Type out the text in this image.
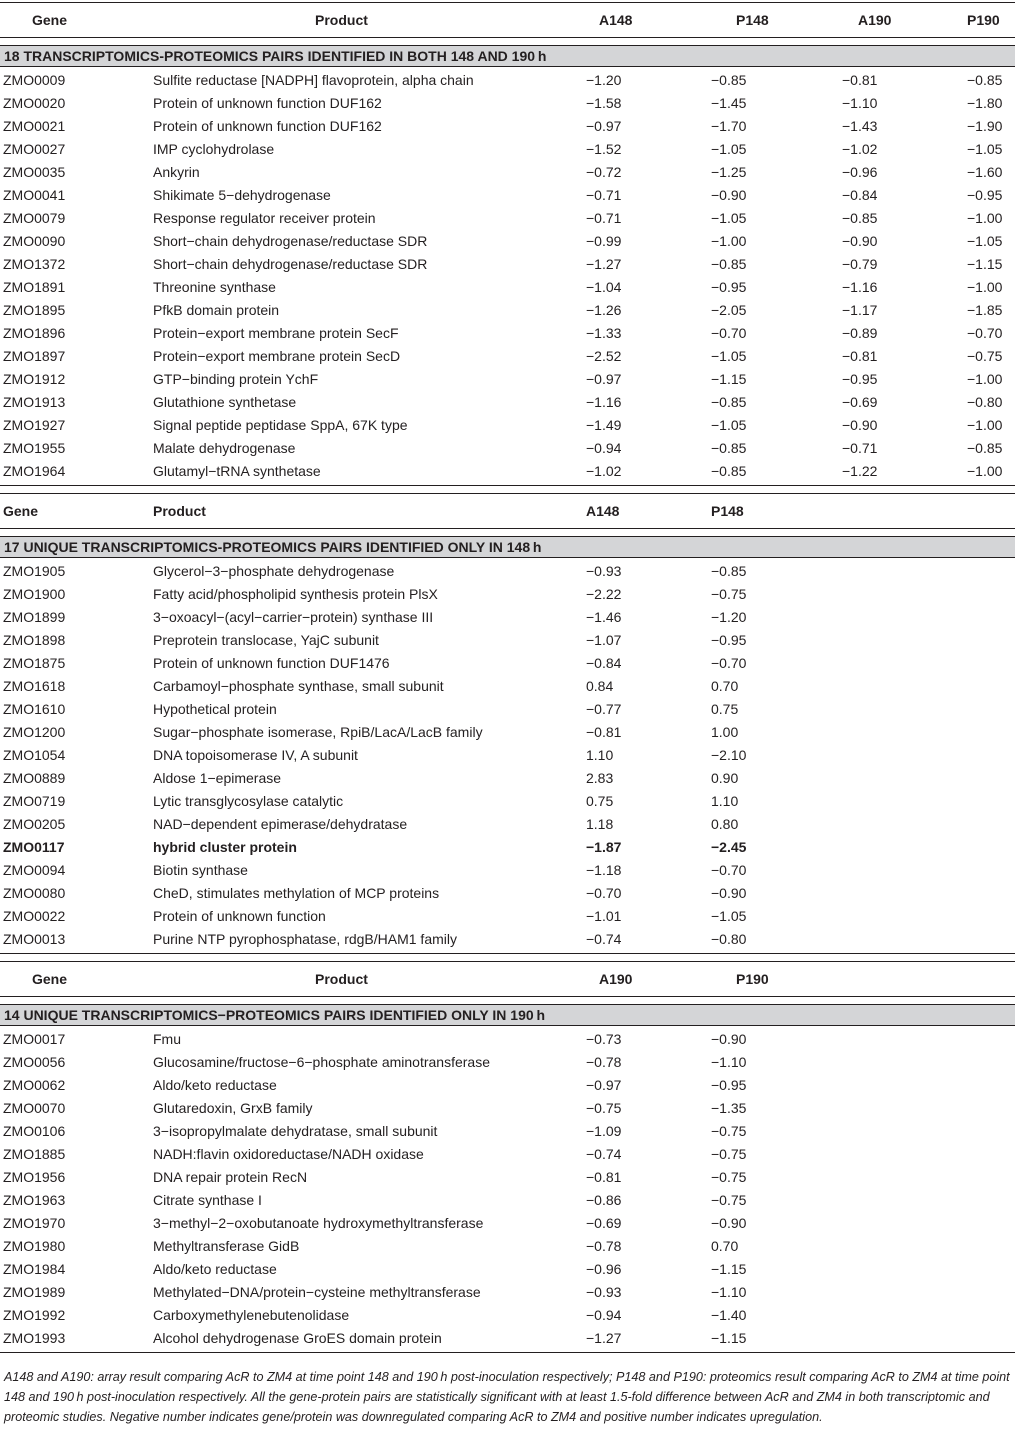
Gene	Product	A148	P148	A190	P190
18 TRANSCRIPTOMICS-PROTEOMICS PAIRS IDENTIFIED IN BOTH 148 AND 190 h
ZMO0009	Sulfite reductase [NADPH] flavoprotein, alpha chain	−1.20	−0.85	−0.81	−0.85
ZMO0020	Protein of unknown function DUF162	−1.58	−1.45	−1.10	−1.80
ZMO0021	Protein of unknown function DUF162	−0.97	−1.70	−1.43	−1.90
ZMO0027	IMP cyclohydrolase	−1.52	−1.05	−1.02	−1.05
ZMO0035	Ankyrin	−0.72	−1.25	−0.96	−1.60
ZMO0041	Shikimate 5−dehydrogenase	−0.71	−0.90	−0.84	−0.95
ZMO0079	Response regulator receiver protein	−0.71	−1.05	−0.85	−1.00
ZMO0090	Short−chain dehydrogenase/reductase SDR	−0.99	−1.00	−0.90	−1.05
ZMO1372	Short−chain dehydrogenase/reductase SDR	−1.27	−0.85	−0.79	−1.15
ZMO1891	Threonine synthase	−1.04	−0.95	−1.16	−1.00
ZMO1895	PfkB domain protein	−1.26	−2.05	−1.17	−1.85
ZMO1896	Protein−export membrane protein SecF	−1.33	−0.70	−0.89	−0.70
ZMO1897	Protein−export membrane protein SecD	−2.52	−1.05	−0.81	−0.75
ZMO1912	GTP−binding protein YchF	−0.97	−1.15	−0.95	−1.00
ZMO1913	Glutathione synthetase	−1.16	−0.85	−0.69	−0.80
ZMO1927	Signal peptide peptidase SppA, 67K type	−1.49	−1.05	−0.90	−1.00
ZMO1955	Malate dehydrogenase	−0.94	−0.85	−0.71	−0.85
ZMO1964	Glutamyl−tRNA synthetase	−1.02	−0.85	−1.22	−1.00
Gene	Product	A148	P148
17 UNIQUE TRANSCRIPTOMICS-PROTEOMICS PAIRS IDENTIFIED ONLY IN 148 h
ZMO1905	Glycerol−3−phosphate dehydrogenase	−0.93	−0.85
ZMO1900	Fatty acid/phospholipid synthesis protein PlsX	−2.22	−0.75
ZMO1899	3−oxoacyl−(acyl−carrier−protein) synthase III	−1.46	−1.20
ZMO1898	Preprotein translocase, YajC subunit	−1.07	−0.95
ZMO1875	Protein of unknown function DUF1476	−0.84	−0.70
ZMO1618	Carbamoyl−phosphate synthase, small subunit	0.84	0.70
ZMO1610	Hypothetical protein	−0.77	0.75
ZMO1200	Sugar−phosphate isomerase, RpiB/LacA/LacB family	−0.81	1.00
ZMO1054	DNA topoisomerase IV, A subunit	1.10	−2.10
ZMO0889	Aldose 1−epimerase	2.83	0.90
ZMO0719	Lytic transglycosylase catalytic	0.75	1.10
ZMO0205	NAD−dependent epimerase/dehydratase	1.18	0.80
ZMO0117	hybrid cluster protein	−1.87	−2.45
ZMO0094	Biotin synthase	−1.18	−0.70
ZMO0080	CheD, stimulates methylation of MCP proteins	−0.70	−0.90
ZMO0022	Protein of unknown function	−1.01	−1.05
ZMO0013	Purine NTP pyrophosphatase, rdgB/HAM1 family	−0.74	−0.80
Gene	Product	A190	P190
14 UNIQUE TRANSCRIPTOMICS−PROTEOMICS PAIRS IDENTIFIED ONLY IN 190 h
ZMO0017	Fmu	−0.73	−0.90
ZMO0056	Glucosamine/fructose−6−phosphate aminotransferase	−0.78	−1.10
ZMO0062	Aldo/keto reductase	−0.97	−0.95
ZMO0070	Glutaredoxin, GrxB family	−0.75	−1.35
ZMO0106	3−isopropylmalate dehydratase, small subunit	−1.09	−0.75
ZMO1885	NADH:flavin oxidoreductase/NADH oxidase	−0.74	−0.75
ZMO1956	DNA repair protein RecN	−0.81	−0.75
ZMO1963	Citrate synthase I	−0.86	−0.75
ZMO1970	3−methyl−2−oxobutanoate hydroxymethyltransferase	−0.69	−0.90
ZMO1980	Methyltransferase GidB	−0.78	0.70
ZMO1984	Aldo/keto reductase	−0.96	−1.15
ZMO1989	Methylated−DNA/protein−cysteine methyltransferase	−0.93	−1.10
ZMO1992	Carboxymethylenebutenolidase	−0.94	−1.40
ZMO1993	Alcohol dehydrogenase GroES domain protein	−1.27	−1.15
A148 and A190: array result comparing AcR to ZM4 at time point 148 and 190 h post-inoculation respectively; P148 and P190: proteomics result comparing AcR to ZM4 at time point 148 and 190 h post-inoculation respectively. All the gene-protein pairs are statistically significant with at least 1.5-fold difference between AcR and ZM4 in both transcriptomic and proteomic studies. Negative number indicates gene/protein was downregulated comparing AcR to ZM4 and positive number indicates upregulation.
